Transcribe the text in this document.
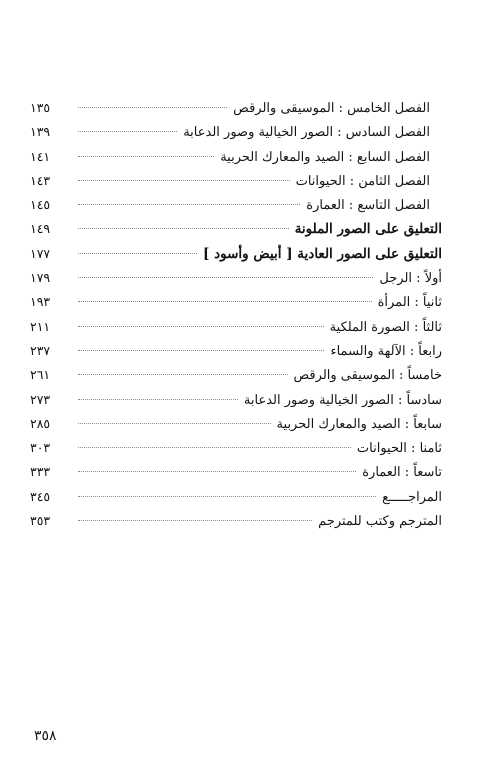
الفصل الخامس : الموسيقى والرقص
١٣٥
الفصل السادس : الصور الخيالية وصور الدعابة
١٣٩
الفصل السابع : الصيد والمعارك الحربية
١٤١
الفصل الثامن : الحيوانات
١٤٣
الفصل التاسع : العمارة
١٤٥
التعليق على الصور الملونة
١٤٩
التعليق على الصور العادية [ أبيض وأسود ]
١٧٧
أولاً : الرجل
١٧٩
ثانياً : المرأة
١٩٣
ثالثاً : الصورة الملكية
٢١١
رابعاً : الآلهة والسماء
٢٣٧
خامساً : الموسيقى والرقص
٢٦١
سادساً : الصور الخيالية وصور الدعابة
٢٧٣
سابعاً : الصيد والمعارك الحربية
٢٨٥
ثامنا : الحيوانات
٣٠٣
تاسعاً : العمارة
٣٣٣
المراجـــــع
٣٤٥
المترجم وكتب للمترجم
٣٥٣
٣٥٨
